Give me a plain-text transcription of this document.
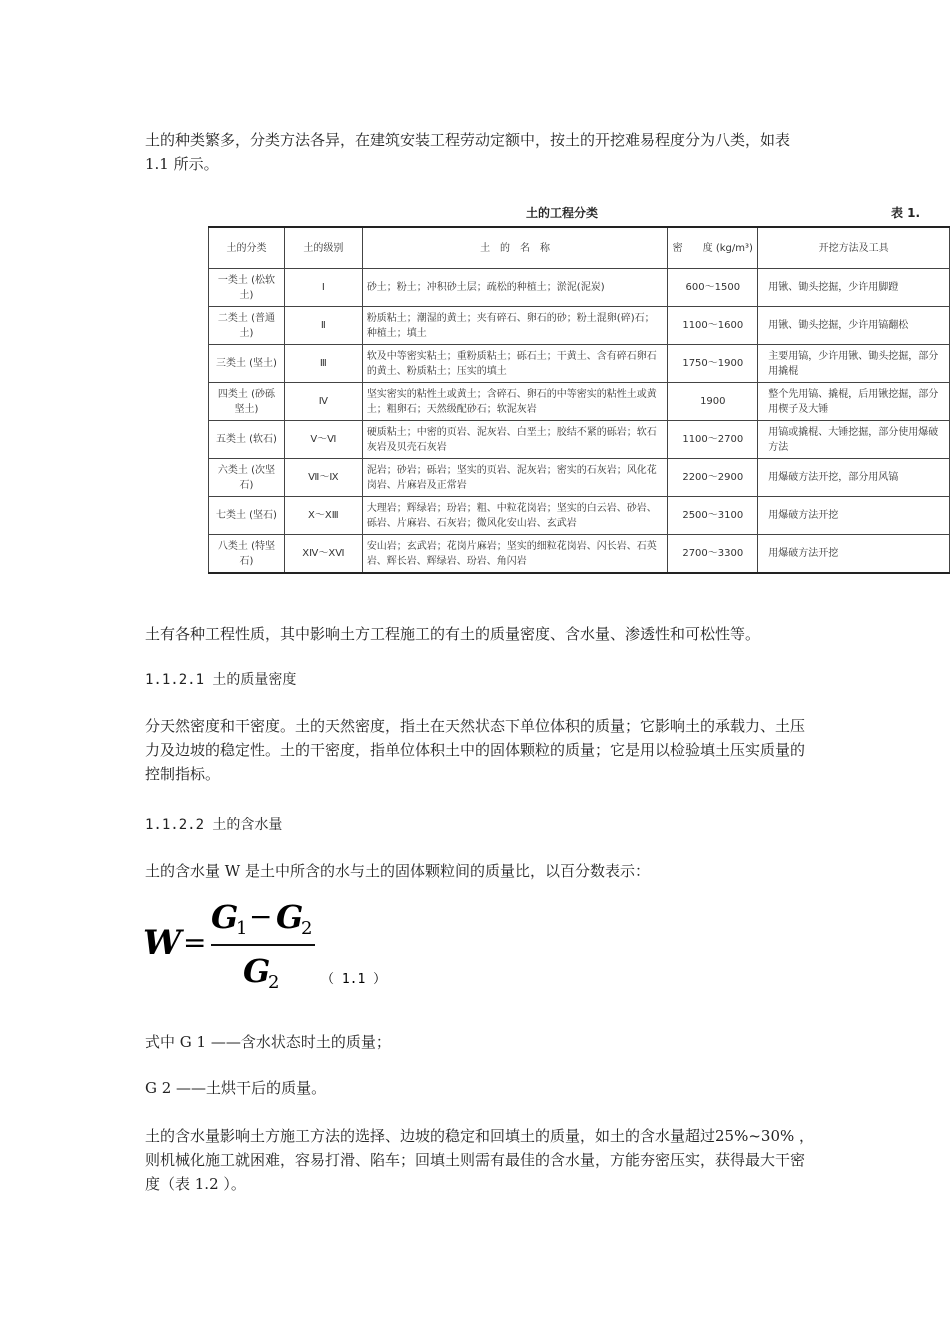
土的种类繁多，分类方法各异，在建筑安装工程劳动定额中，按土的开挖难易程度分为八类，如表 1.1 所示。
土的工程分类	表 1.
土的分类	土的级别	土　的　名　称	密　　度 (kg/m³)	开挖方法及工具
一类土 (松软土)	Ⅰ	砂土；粉土；冲积砂土层；疏松的种植土；淤泥(泥炭)	600～1500	用锹、锄头挖掘，少许用脚蹬
二类土 (普通土)	Ⅱ	粉质粘土；潮湿的黄土；夹有碎石、卵石的砂；粉土混卵(碎)石；种植土；填土	1100～1600	用锹、锄头挖掘，少许用镐翻松
三类土 (坚土)	Ⅲ	软及中等密实粘土；重粉质粘土；砾石土；干黄土、含有碎石卵石的黄土、粉质粘土；压实的填土	1750～1900	主要用镐，少许用锹、锄头挖掘，部分用撬棍
四类土 (砂砾坚土)	Ⅳ	坚实密实的粘性土或黄土；含碎石、卵石的中等密实的粘性土或黄土；粗卵石；天然级配砂石；软泥灰岩	1900	整个先用镐、撬棍，后用锹挖掘，部分用楔子及大锤
五类土 (软石)	Ⅴ～Ⅵ	硬质粘土；中密的页岩、泥灰岩、白垩土；胶结不紧的砾岩；软石灰岩及贝壳石灰岩	1100～2700	用镐或撬棍、大锤挖掘，部分使用爆破方法
六类土 (次坚石)	Ⅶ～Ⅸ	泥岩；砂岩；砾岩；坚实的页岩、泥灰岩；密实的石灰岩；风化花岗岩、片麻岩及正常岩	2200～2900	用爆破方法开挖，部分用风镐
七类土 (坚石)	Ⅹ～ⅩⅢ	大理岩；辉绿岩；玢岩；粗、中粒花岗岩；坚实的白云岩、砂岩、砾岩、片麻岩、石灰岩；微风化安山岩、玄武岩	2500～3100	用爆破方法开挖
八类土 (特坚石)	ⅩⅣ～ⅩⅥ	安山岩；玄武岩；花岗片麻岩；坚实的细粒花岗岩、闪长岩、石英岩、辉长岩、辉绿岩、玢岩、角闪岩	2700～3300	用爆破方法开挖
土有各种工程性质，其中影响土方工程施工的有土的质量密度、含水量、渗透性和可松性等。
1.1.2.1 土的质量密度
分天然密度和干密度。土的天然密度，指土在天然状态下单位体积的质量；它影响土的承载力、土压力及边坡的稳定性。土的干密度，指单位体积土中的固体颗粒的质量；它是用以检验填土压实质量的控制指标。
1.1.2.2 土的含水量
土的含水量 W 是土中所含的水与土的固体颗粒间的质量比，以百分数表示：
W =
G
1 − G
2
G
2	（ 1.1 ）
式中 G 1 ——含水状态时土的质量；
G 2 ——土烘干后的质量。
土的含水量影响土方施工方法的选择、边坡的稳定和回填土的质量，如土的含水量超过25%~30% ，则机械化施工就困难，容易打滑、陷车；回填土则需有最佳的含水量，方能夯密压实，获得最大干密度（表 1.2 ）。
